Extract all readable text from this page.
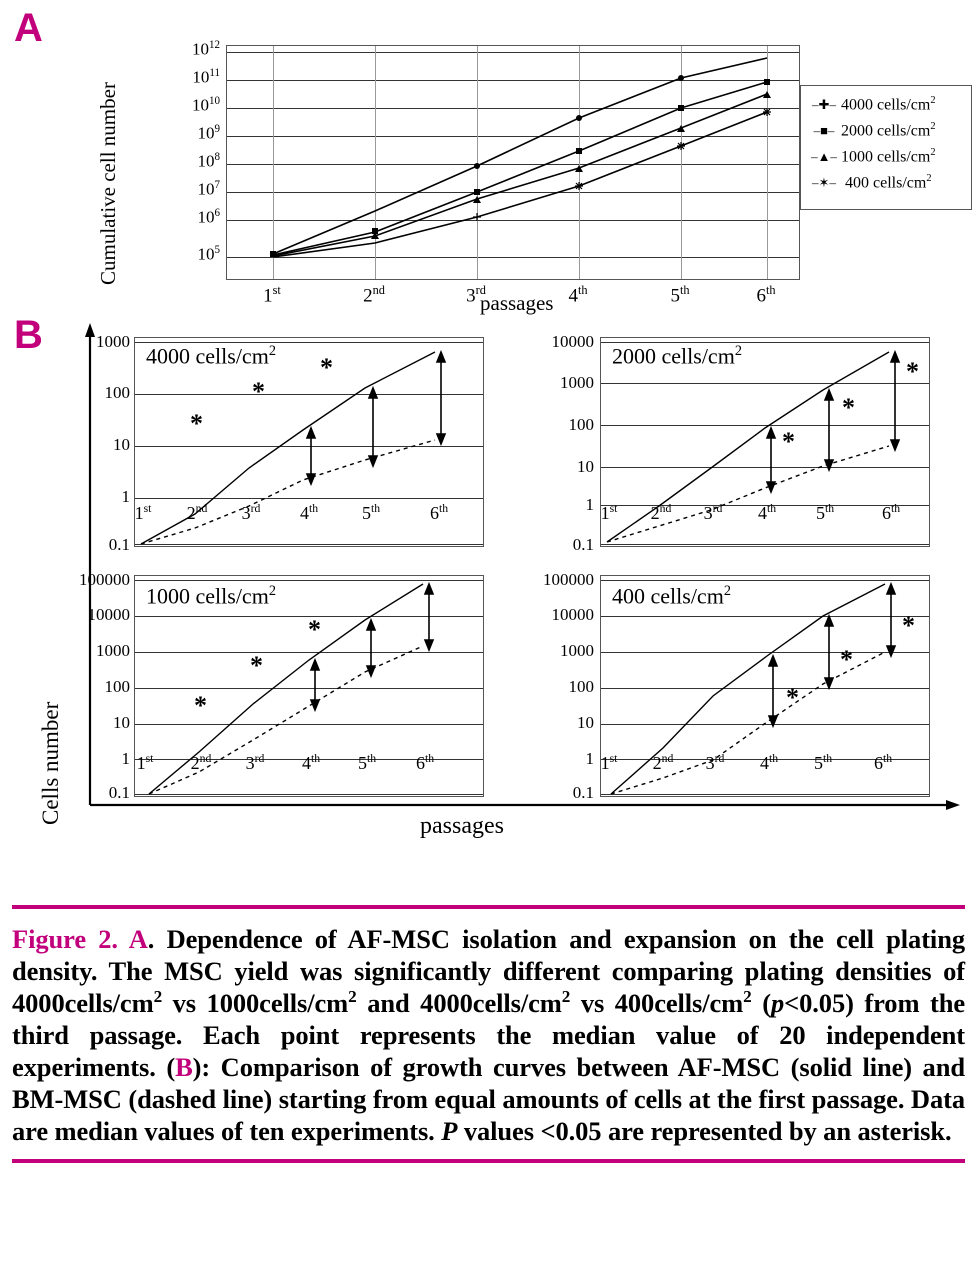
A
Cumulative cell number
$10^{12}$
$10^{11}$
$10^{10}$
$10^9$
$10^8$
$10^7$
$10^6$
$10^5$
1st	2nd	3rd	4th	5th	6th
passages
–✚– 4000 cells/$cm^2$
–■– 2000 cells/$cm^2$
–▲– 1000 cells/$cm^2$
–✶– 400 cells/$cm^2$
B
Cells number
1000
100
10
1
0.1
4000 cells/$cm^2$
*
*
*
1st	2nd	3rd	4th	5th	6th
10000
1000
100
10
1
0.1
2000 cells/$cm^2$
*
*
*
1st	2nd	3rd	4th	5th	6th
100000
10000
1000
100
10
1
0.1
1000 cells/$cm^2$
*
*
*
1st	2nd	3rd	4th	5th	6th
100000
10000
1000
100
10
1
0.1
400 cells/$cm^2$
*
*
*
1st	2nd	3rd	4th	5th	6th
passages

Figure 2. A. Dependence of AF-MSC isolation and expansion on the cell plating density. The MSC yield was significantly different comparing plating densities of $4000cells/cm^2$ vs $1000cells/cm^2$ and $4000cells/cm^2$ vs $400cells/cm^2$ (p<0.05) from the third passage. Each point represents the median value of 20 independent experiments. (B): Comparison of growth curves between AF-MSC (solid line) and BM-MSC (dashed line) starting from equal amounts of cells at the first passage. Data are median values of ten experiments. P values <0.05 are represented by an asterisk.
